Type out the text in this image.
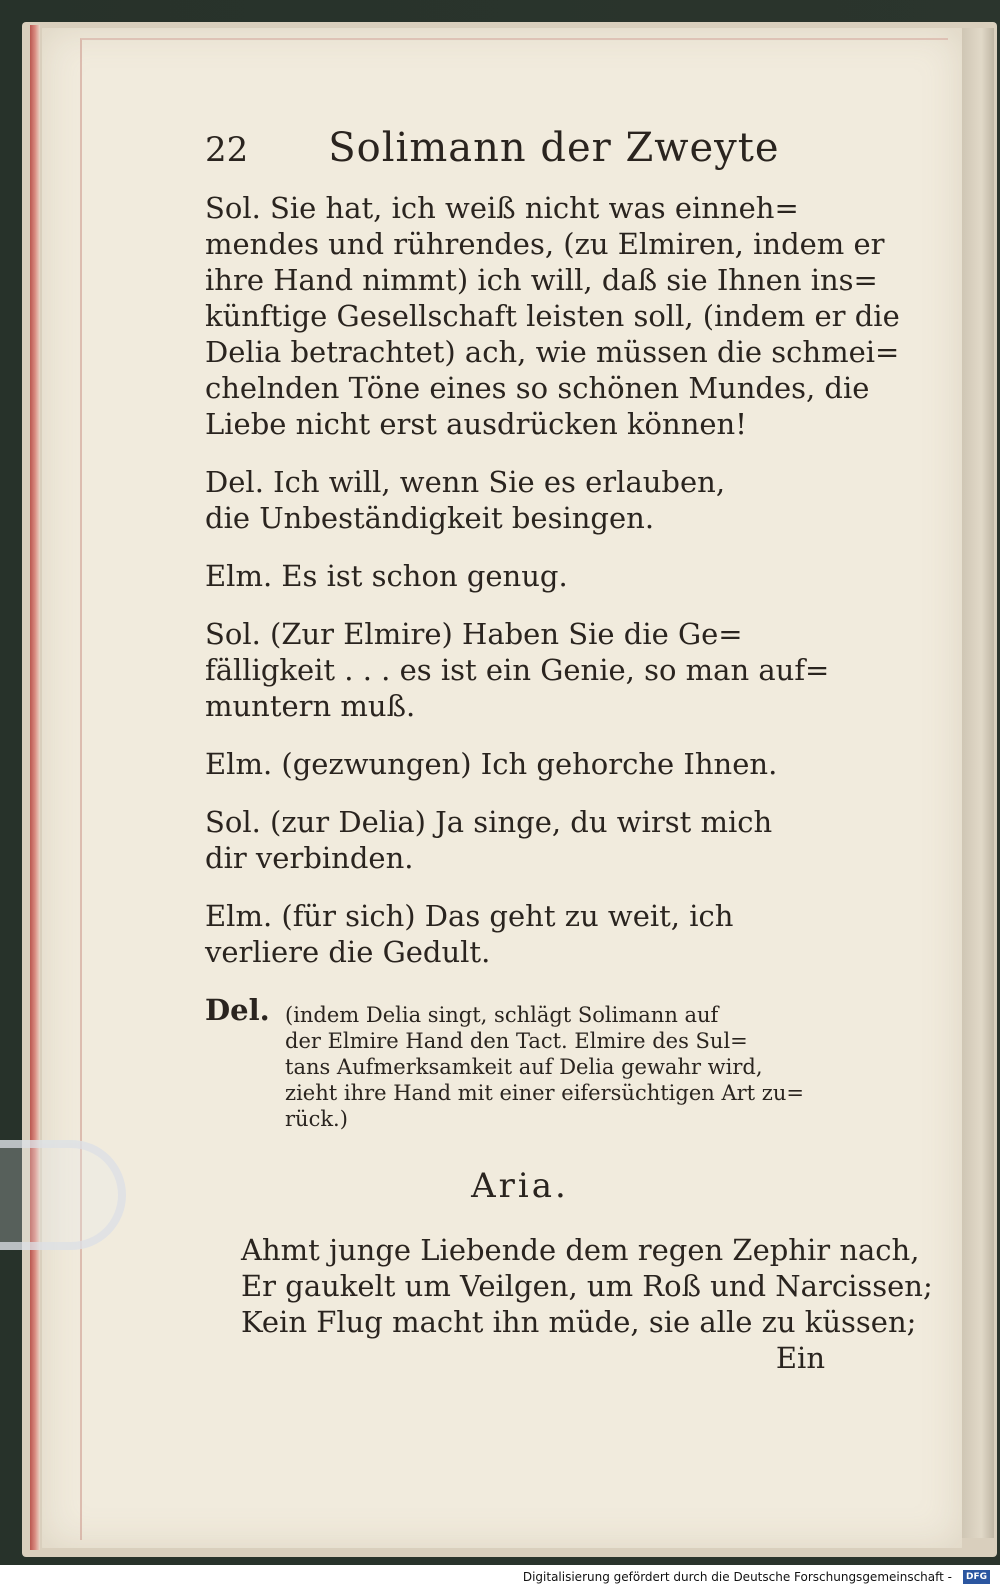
22 Solimann der Zweyte
Sol. Sie hat, ich weiß nicht was einneh=
mendes und rührendes, (zu Elmiren, indem er
ihre Hand nimmt) ich will, daß sie Ihnen ins=
künftige Gesellschaft leisten soll, (indem er die
Delia betrachtet) ach, wie müssen die schmei=
chelnden Töne eines so schönen Mundes, die
Liebe nicht erst ausdrücken können!
Del. Ich will, wenn Sie es erlauben,
die Unbeständigkeit besingen.
Elm. Es ist schon genug.
Sol. (Zur Elmire) Haben Sie die Ge=
fälligkeit . . . es ist ein Genie, so man auf=
muntern muß.
Elm. (gezwungen) Ich gehorche Ihnen.
Sol. (zur Delia) Ja singe, du wirst mich
dir verbinden.
Elm. (für sich) Das geht zu weit, ich
verliere die Gedult.
Del. (indem Delia singt, schlägt Solimann auf
der Elmire Hand den Tact. Elmire des Sul=
tans Aufmerksamkeit auf Delia gewahr wird,
zieht ihre Hand mit einer eifersüchtigen Art zu=
rück.)
Aria.
Ahmt junge Liebende dem regen Zephir nach,
Er gaukelt um Veilgen, um Roß und Narcissen;
Kein Flug macht ihn müde, sie alle zu küssen;
Ein
Digitalisierung gefördert durch die Deutsche Forschungsgemeinschaft -	DFG
